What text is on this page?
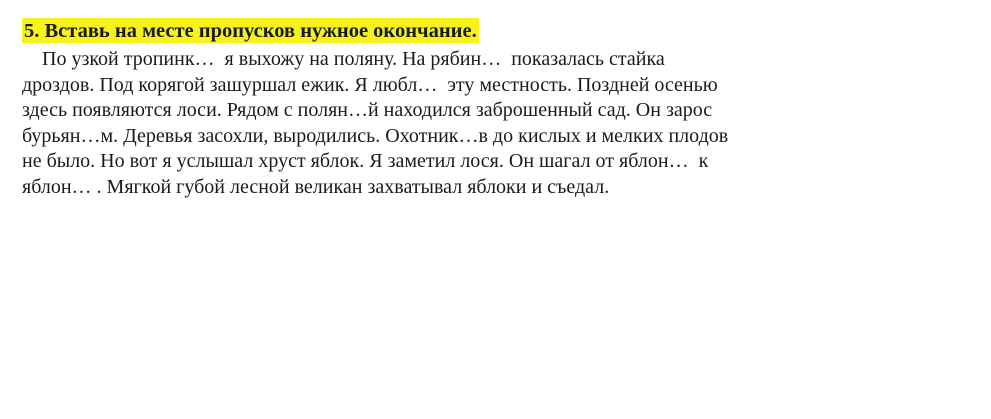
5. Вставь на месте пропусков нужное окончание.
По узкой тропинк…  я выхожу на поляну. На рябин…  показалась стайка
дроздов. Под корягой зашуршал ежик. Я любл…  эту местность. Поздней осенью
здесь появляются лоси. Рядом с полян…й находился заброшенный сад. Он зарос
бурьян…м. Деревья засохли, выродились. Охотник…в до кислых и мелких плодов
не было. Но вот я услышал хруст яблок. Я заметил лося. Он шагал от яблон…  к
яблон… . Мягкой губой лесной великан захватывал яблоки и съедал.
